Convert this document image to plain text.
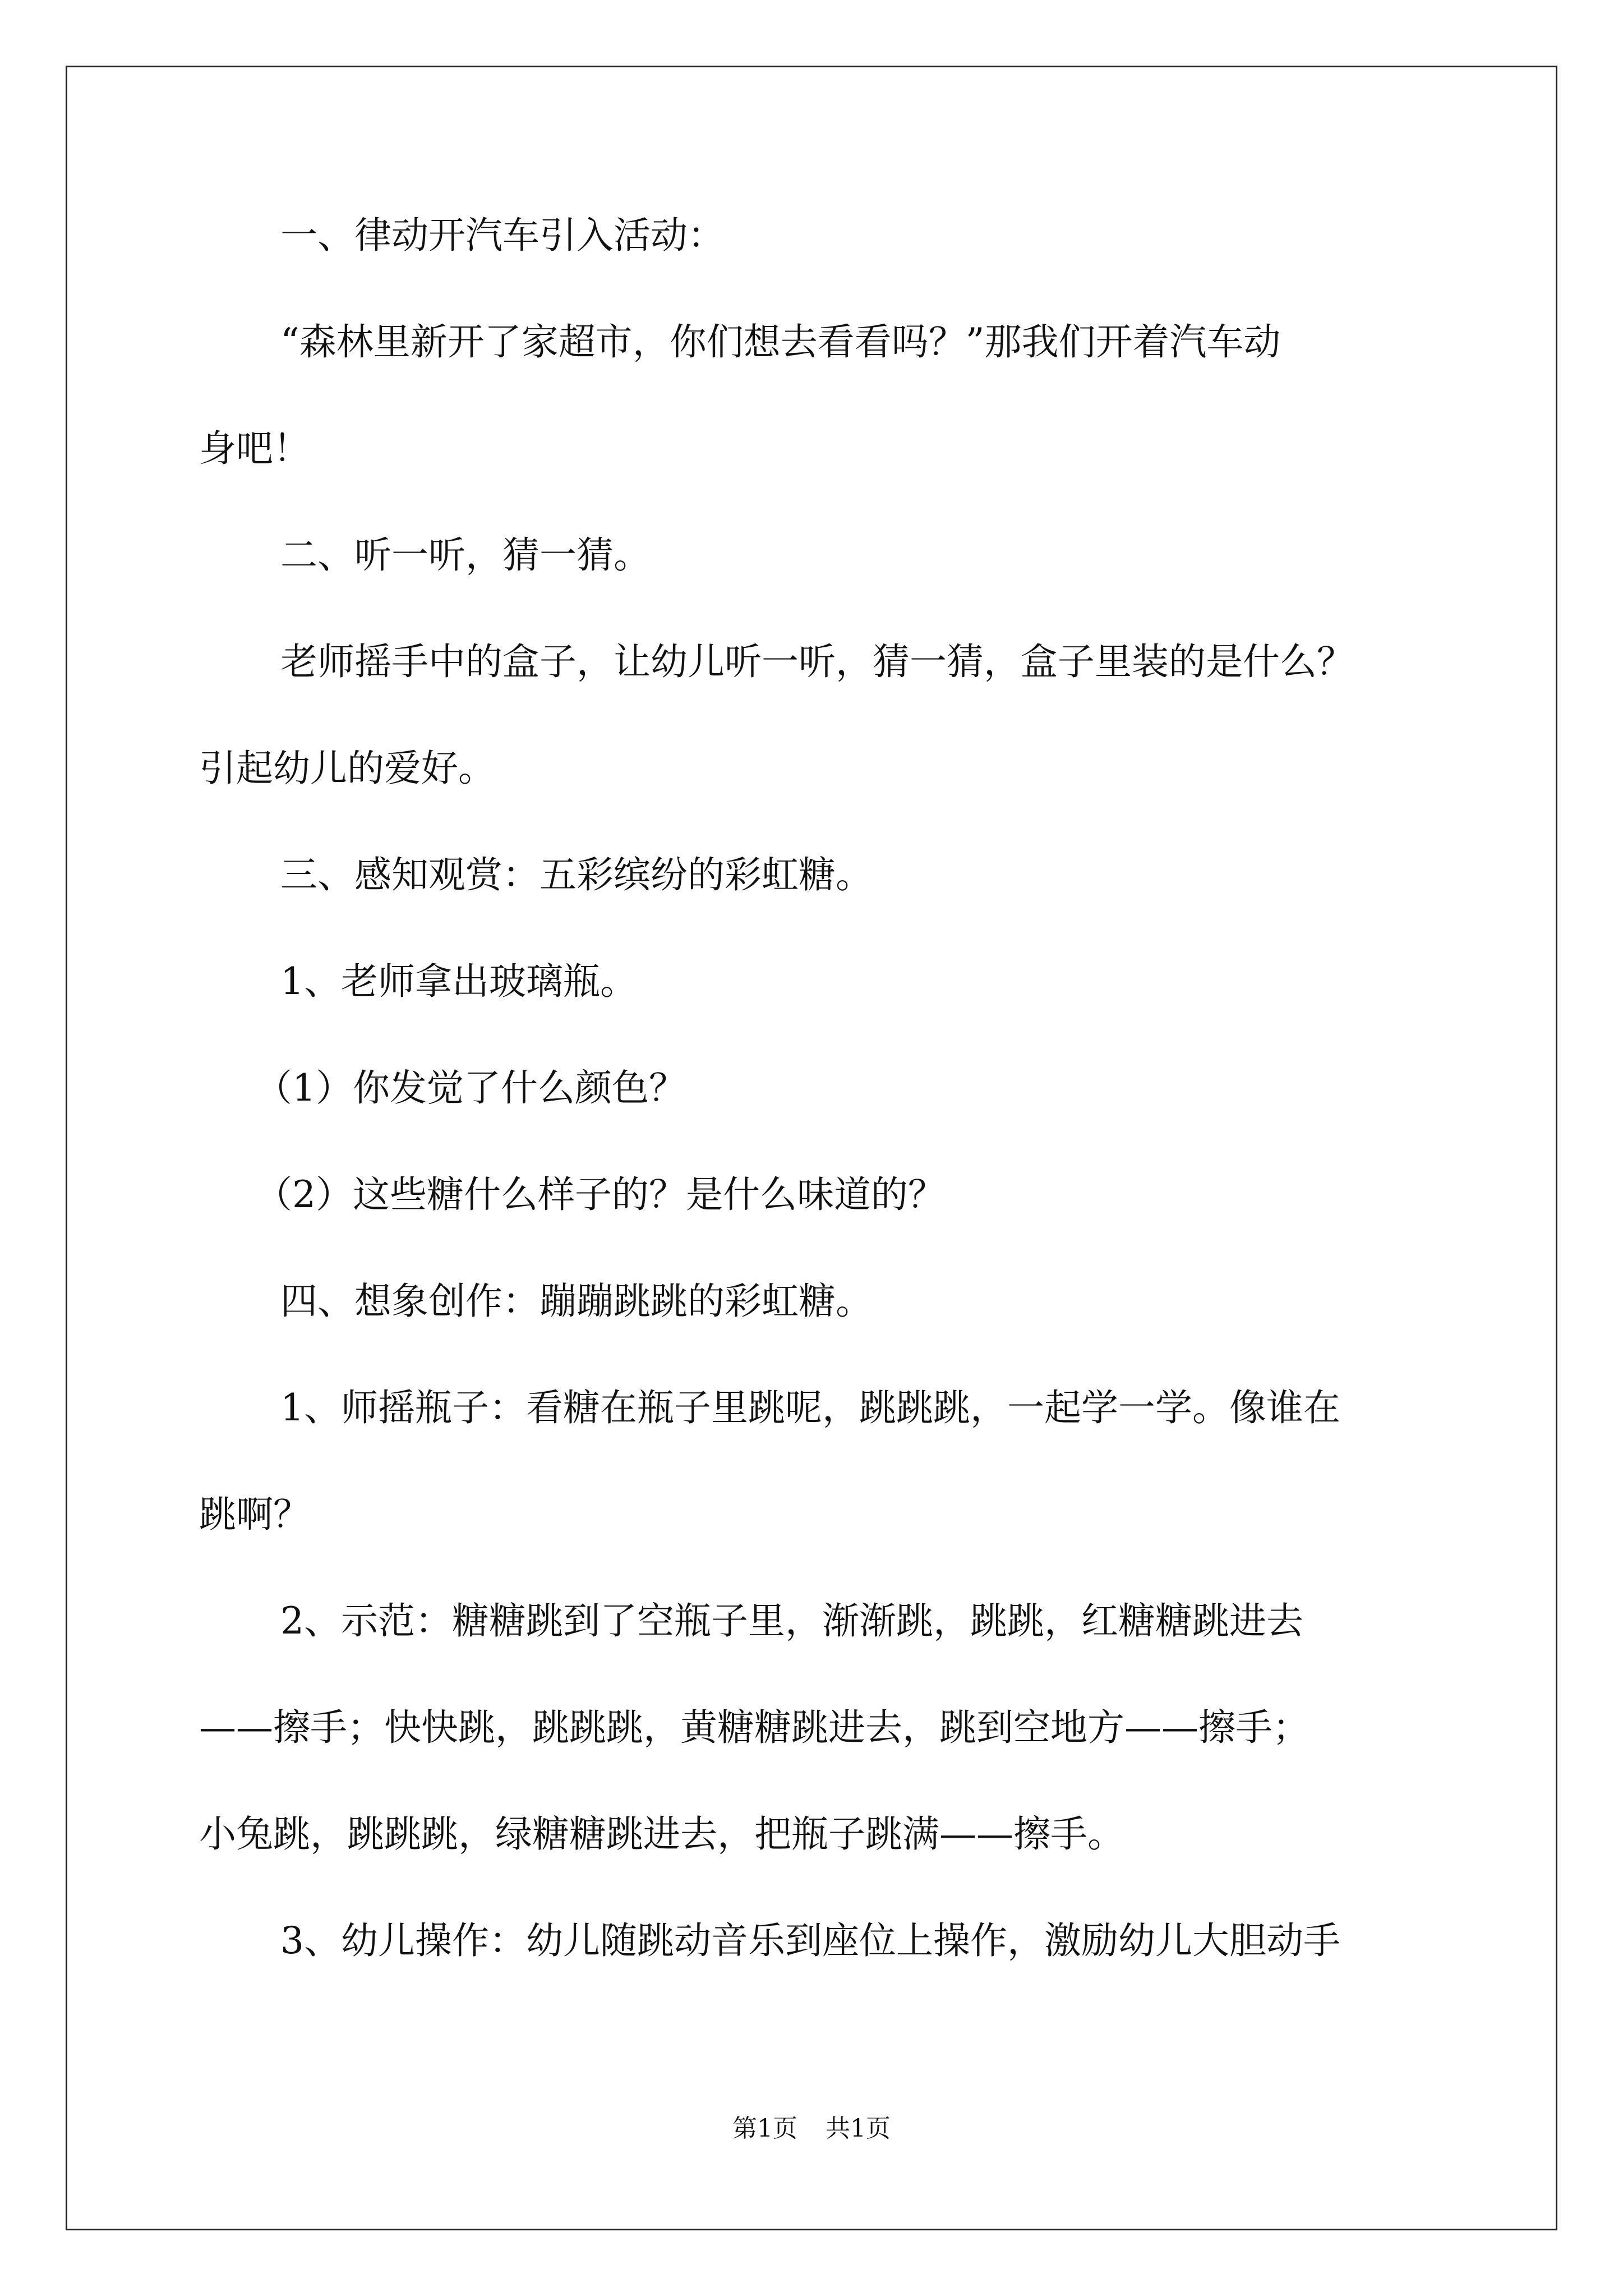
一、律动开汽车引入活动：

“森林里新开了家超市，你们想去看看吗？”那我们开着汽车动

身吧！

二、听一听，猜一猜。

老师摇手中的盒子，让幼儿听一听，猜一猜，盒子里装的是什么？

引起幼儿的爱好。

三、感知观赏：五彩缤纷的彩虹糖。

1、老师拿出玻璃瓶。

（1）你发觉了什么颜色？

（2）这些糖什么样子的？是什么味道的？

四、想象创作：蹦蹦跳跳的彩虹糖。

1、师摇瓶子：看糖在瓶子里跳呢，跳跳跳，一起学一学。像谁在

跳啊？

2、示范：糖糖跳到了空瓶子里，渐渐跳，跳跳，红糖糖跳进去

——擦手；快快跳，跳跳跳，黄糖糖跳进去，跳到空地方——擦手；

小兔跳，跳跳跳，绿糖糖跳进去，把瓶子跳满——擦手。

3、幼儿操作：幼儿随跳动音乐到座位上操作，激励幼儿大胆动手

第1页 共1页
